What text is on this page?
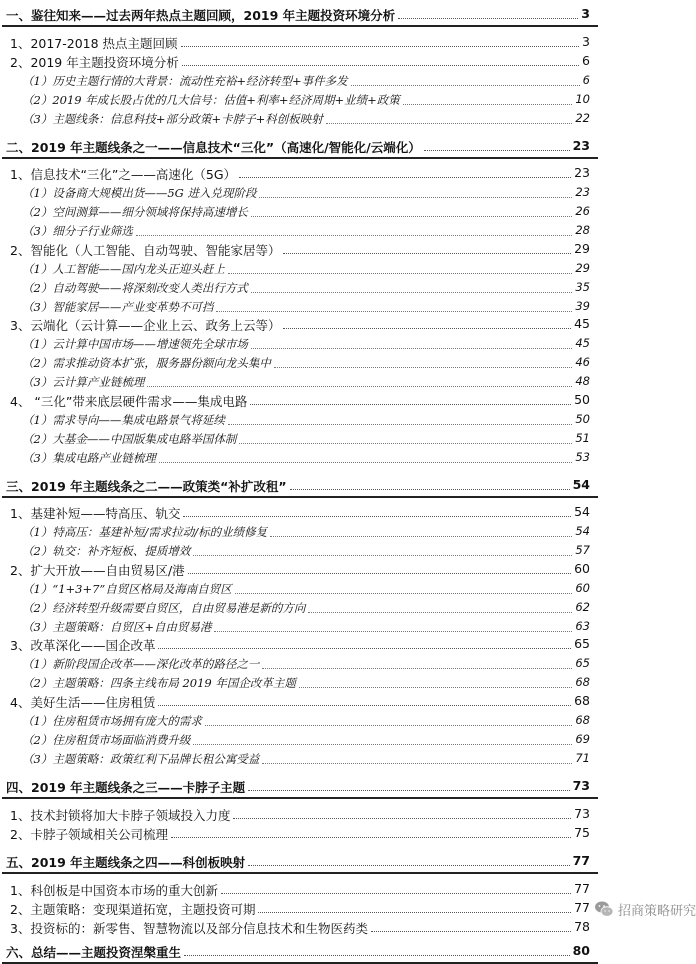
一、鉴往知来——过去两年热点主题回顾，2019 年主题投资环境分析	3
1、2017-2018 热点主题回顾	3
2、2019 年主题投资环境分析	6
（1）历史主题行情的大背景：流动性充裕+经济转型+事件多发	6
（2）2019 年成长股占优的几大信号：估值+利率+经济周期+业绩+政策	10
（3）主题线条：信息科技+部分政策+卡脖子+科创板映射	22
二、2019 年主题线条之一——信息技术“三化”（高速化/智能化/云端化）	23
1、信息技术“三化”之——高速化（5G）	23
（1）设备商大规模出货——5G 进入兑现阶段	23
（2）空间测算——细分领域将保持高速增长	26
（3）细分子行业筛选	28
2、智能化（人工智能、自动驾驶、智能家居等）	29
（1）人工智能——国内龙头正迎头赶上	29
（2）自动驾驶——将深刻改变人类出行方式	35
（3）智能家居——产业变革势不可挡	39
3、云端化（云计算——企业上云、政务上云等）	45
（1）云计算中国市场——增速领先全球市场	45
（2）需求推动资本扩张，服务器份额向龙头集中	46
（3）云计算产业链梳理	48
4、 “三化”带来底层硬件需求——集成电路	50
（1）需求导向——集成电路景气将延续	50
（2）大基金——中国版集成电路举国体制	51
（3）集成电路产业链梳理	53
三、2019 年主题线条之二——政策类“补扩改租”	54
1、基建补短——特高压、轨交	54
（1）特高压：基建补短/需求拉动/标的业绩修复	54
（2）轨交：补齐短板、提质增效	57
2、扩大开放——自由贸易区/港	60
（1）“1+3+7”自贸区格局及海南自贸区	60
（2）经济转型升级需要自贸区，自由贸易港是新的方向	62
（3）主题策略：自贸区+自由贸易港	63
3、改革深化——国企改革	65
（1）新阶段国企改革——深化改革的路径之一	65
（2）主题策略：四条主线布局 2019 年国企改革主题	68
4、美好生活——住房租赁	68
（1）住房租赁市场拥有庞大的需求	68
（2）住房租赁市场面临消费升级	69
（3）主题策略：政策红利下品牌长租公寓受益	71
四、2019 年主题线条之三——卡脖子主题	73
1、技术封锁将加大卡脖子领域投入力度	73
2、卡脖子领域相关公司梳理	75
五、2019 年主题线条之四——科创板映射	77
1、科创板是中国资本市场的重大创新	77
2、主题策略：变现渠道拓宽，主题投资可期	77
3、投资标的：新零售、智慧物流以及部分信息技术和生物医药类	78
六、总结——主题投资涅槃重生	80
招商策略研究
